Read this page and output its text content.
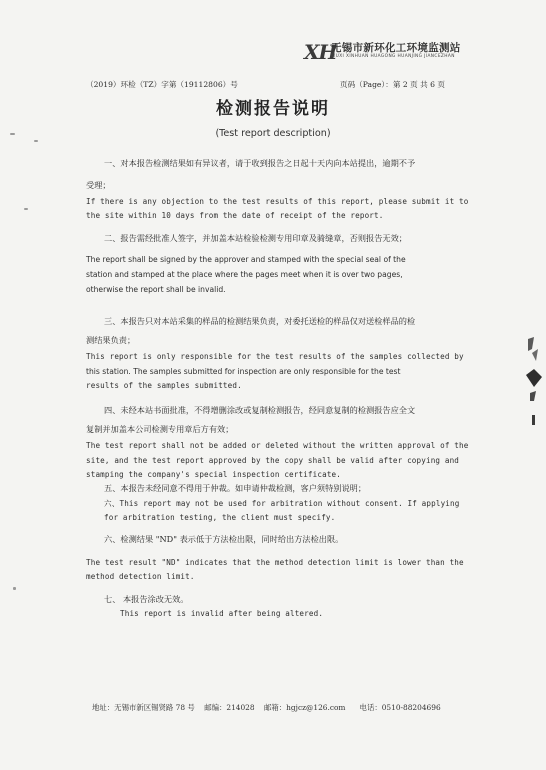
XH
无锡市新环化工环境监测站
WUXI XINHUAN HUAGONG HUANJING JIANCEZHAN
（2019）环检（TZ）字第（19112806）号	页码（Page）：第 2 页 共 6 页
检测报告说明
(Test report description)
一、对本报告检测结果如有异议者，请于收到报告之日起十天内向本站提出，逾期不予
受理；
If there is any objection to the test results of this report, please submit it to
the site within 10 days from the date of receipt of the report.
二、报告需经批准人签字，并加盖本站检验检测专用印章及骑缝章，否则报告无效；
The report shall be signed by the approver and stamped with the special seal of the
station and stamped at the place where the pages meet when it is over two pages,
otherwise the report shall be invalid.
三、本报告只对本站采集的样品的检测结果负责，对委托送检的样品仅对送检样品的检
测结果负责；
This report is only responsible for the test results of the samples collected by
this station. The samples submitted for inspection are only responsible for the test
results of the samples submitted.
四、未经本站书面批准，不得增删涂改或复制检测报告，经同意复制的检测报告应全文
复制并加盖本公司检测专用章后方有效；
The test report shall not be added or deleted without the written approval of the
site, and the test report approved by the copy shall be valid after copying and
stamping the company's special inspection certificate.
五、本报告未经同意不得用于仲裁。如申请仲裁检测，客户须特别说明；
六、This report may not be used for arbitration without consent. If applying
for arbitration testing, the client must specify.
六、检测结果 "ND" 表示低于方法检出限，同时给出方法检出限。
The test result "ND" indicates that the method detection limit is lower than the
method detection limit.
七、 本报告涂改无效。
This report is invalid after being altered.
地址：无锡市新区锡贤路 78 号 邮编：214028 邮箱：hgjcz@126.com 电话：0510-88204696
